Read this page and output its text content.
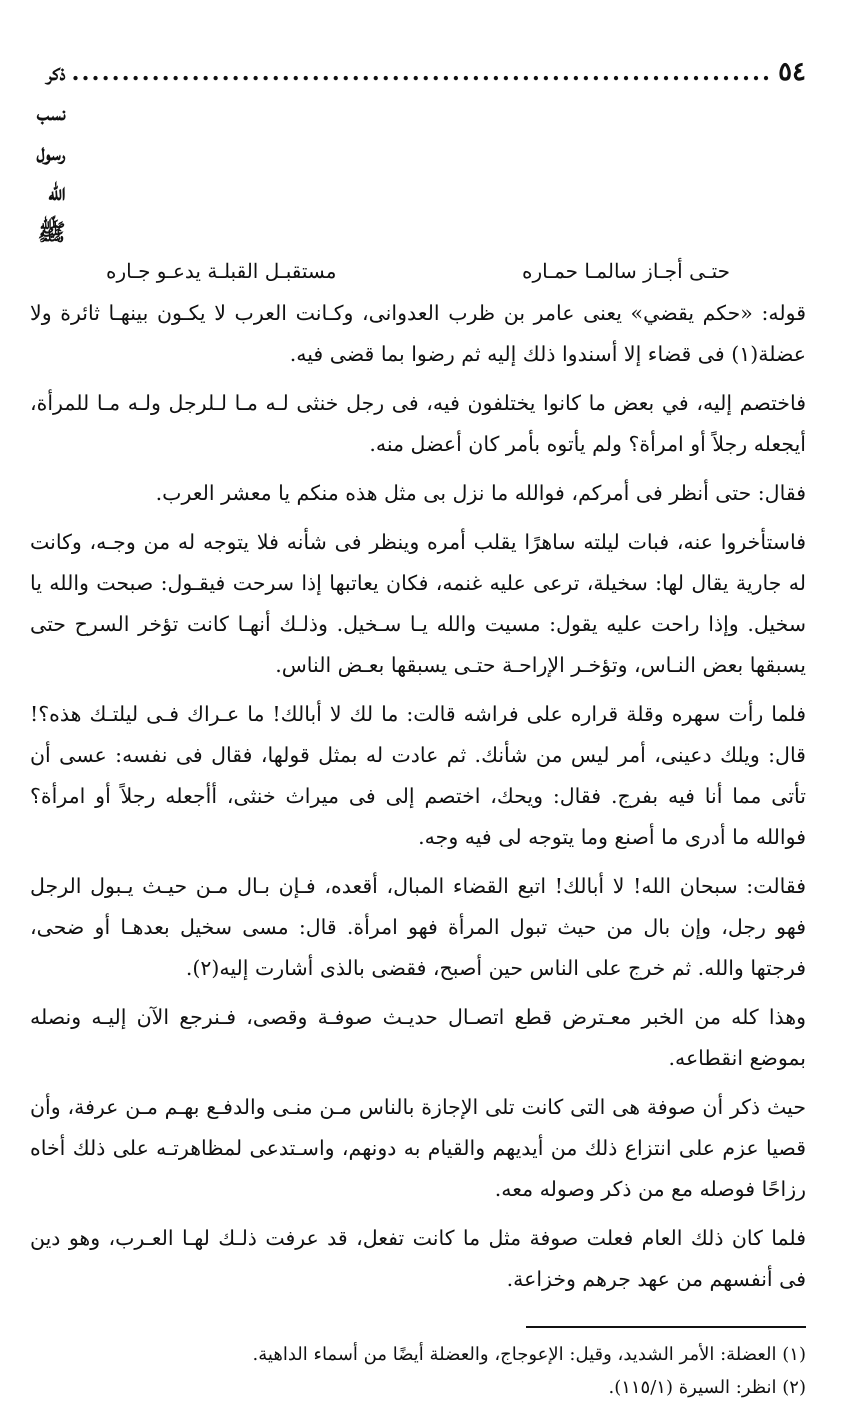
٥٤
......................................................................
ذكر نسب رسول الله ﷺ
حتـى أجـاز سالمـا حمـاره
مستقبـل القبلـة يدعـو جـاره

قوله: «حكم يقضي» يعنى عامر بن ظرب العدوانى، وكـانت العرب لا يكـون بينهـا ثائرة ولا عضلة(١) فى قضاء إلا أسندوا ذلك إليه ثم رضوا بما قضى فيه.

فاختصم إليه، في بعض ما كانوا يختلفون فيه، فى رجل خنثى لـه مـا لـلرجل ولـه مـا للمرأة، أيجعله رجلاً أو امرأة؟ ولم يأتوه بأمر كان أعضل منه.

فقال: حتى أنظر فى أمركم، فوالله ما نزل بى مثل هذه منكم يا معشر العرب.

فاستأخروا عنه، فبات ليلته ساهرًا يقلب أمره وينظر فى شأنه فلا يتوجه له من وجـه، وكانت له جارية يقال لها: سخيلة، ترعى عليه غنمه، فكان يعاتبها إذا سرحت فيقـول: صبحت والله يا سخيل. وإذا راحت عليه يقول: مسيت والله يـا سـخيل. وذلـك أنهـا كانت تؤخر السرح حتى يسبقها بعض النـاس، وتؤخـر الإراحـة حتـى يسبقها بعـض الناس.

فلما رأت سهره وقلة قراره على فراشه قالت: ما لك لا أبالك! ما عـراك فـى ليلتـك هذه؟! قال: ويلك دعينى، أمر ليس من شأنك. ثم عادت له بمثل قولها، فقال فى نفسه: عسى أن تأتى مما أنا فيه بفرج. فقال: ويحك، اختصم إلى فى ميراث خنثى، أأجعله رجلاً أو امرأة؟ فوالله ما أدرى ما أصنع وما يتوجه لى فيه وجه.

فقالت: سبحان الله! لا أبالك! اتبع القضاء المبال، أقعده، فـإن بـال مـن حيـث يـبول الرجل فهو رجل، وإن بال من حيث تبول المرأة فهو امرأة. قال: مسى سخيل بعدهـا أو ضحى، فرجتها والله. ثم خرج على الناس حين أصبح، فقضى بالذى أشارت إليه(٢).

وهذا كله من الخبر معـترض قطع اتصـال حديـث صوفـة وقصى، فـنرجع الآن إليـه ونصله بموضع انقطاعه.

حيث ذكر أن صوفة هى التى كانت تلى الإجازة بالناس مـن منـى والدفـع بهـم مـن عرفة، وأن قصيا عزم على انتزاع ذلك من أيديهم والقيام به دونهم، واسـتدعى لمظاهرتـه على ذلك أخاه رزاحًا فوصله مع من ذكر وصوله معه.

فلما كان ذلك العام فعلت صوفة مثل ما كانت تفعل، قد عرفت ذلـك لهـا العـرب، وهو دين فى أنفسهم من عهد جرهم وخزاعة.

(١) العضلة: الأمر الشديد، وقيل: الإعوجاج، والعضلة أيضًا من أسماء الداهية.
(٢) انظر: السيرة (١١٥/١).
